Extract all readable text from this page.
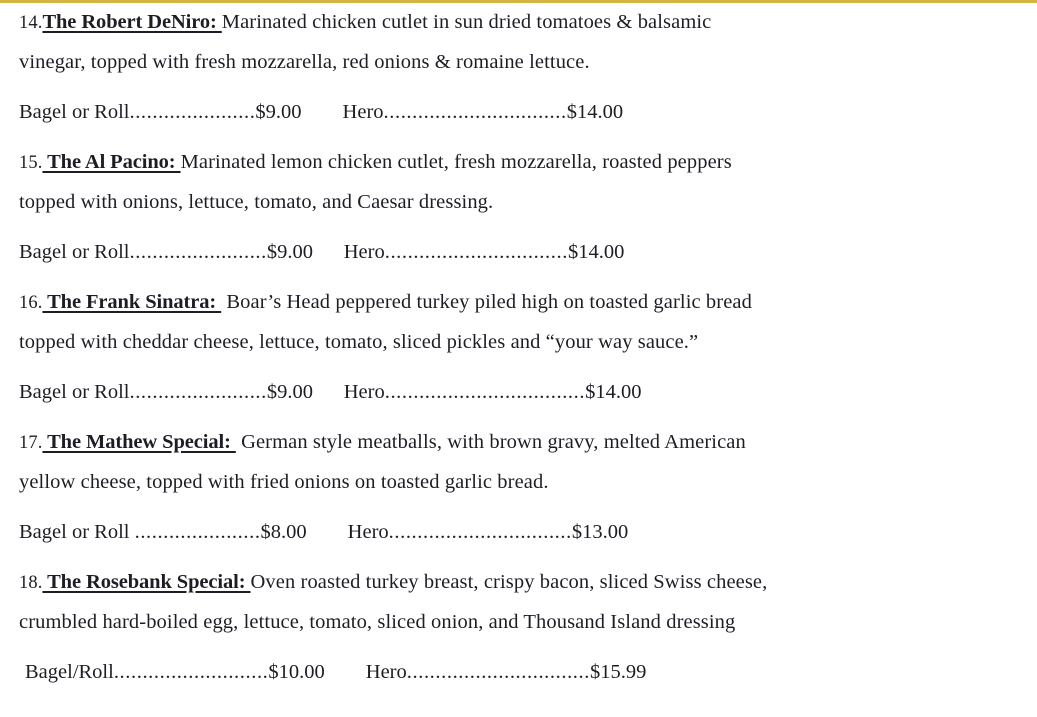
14.The Robert DeNiro: Marinated chicken cutlet in sun dried tomatoes & balsamic
vinegar, topped with fresh mozzarella, red onions & romaine lettuce.
Bagel or Roll......................$9.00 Hero................................$14.00
15. The Al Pacino: Marinated lemon chicken cutlet, fresh mozzarella, roasted peppers
topped with onions, lettuce, tomato, and Caesar dressing.
Bagel or Roll........................$9.00 Hero................................$14.00
16. The Frank Sinatra:  Boar’s Head peppered turkey piled high on toasted garlic bread
topped with cheddar cheese, lettuce, tomato, sliced pickles and “your way sauce.”
Bagel or Roll........................$9.00 Hero...................................$14.00
17. The Mathew Special:  German style meatballs, with brown gravy, melted American
yellow cheese, topped with fried onions on toasted garlic bread.
Bagel or Roll ......................$8.00 Hero................................$13.00
18. The Rosebank Special: Oven roasted turkey breast, crispy bacon, sliced Swiss cheese,
crumbled hard-boiled egg, lettuce, tomato, sliced onion, and Thousand Island dressing
Bagel/Roll...........................$10.00 Hero................................$15.99
